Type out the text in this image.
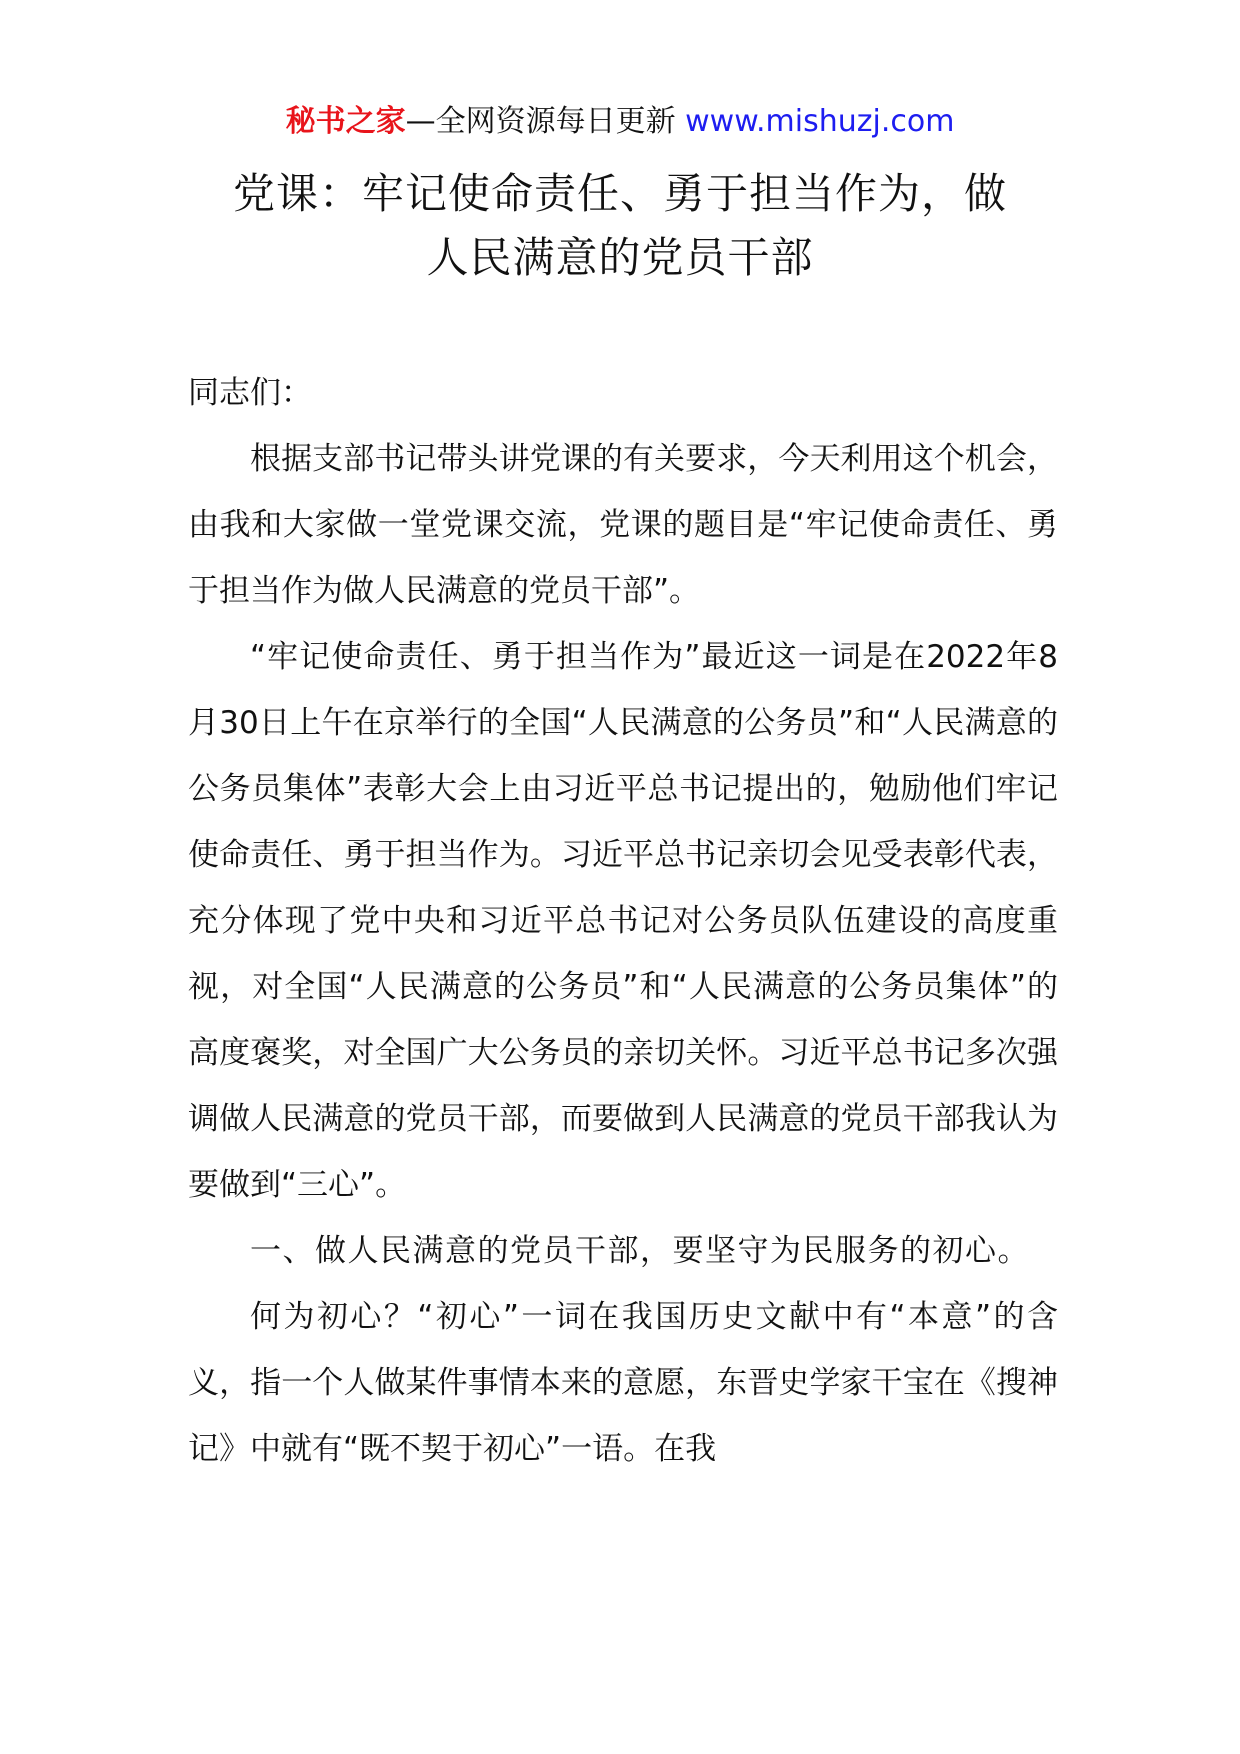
秘书之家—全网资源每日更新 www.mishuzj.com
党课：牢记使命责任、勇于担当作为，做
人民满意的党员干部

同志们：

根据支部书记带头讲党课的有关要求，今天利用这个机会，由我和大家做一堂党课交流，党课的题目是“牢记使命责任、勇于担当作为做人民满意的党员干部”。

“牢记使命责任、勇于担当作为”最近这一词是在2022年8月30日上午在京举行的全国“人民满意的公务员”和“人民满意的公务员集体”表彰大会上由习近平总书记提出的，勉励他们牢记使命责任、勇于担当作为。习近平总书记亲切会见受表彰代表，充分体现了党中央和习近平总书记对公务员队伍建设的高度重视，对全国“人民满意的公务员”和“人民满意的公务员集体”的高度褒奖，对全国广大公务员的亲切关怀。习近平总书记多次强调做人民满意的党员干部，而要做到人民满意的党员干部我认为要做到“三心”。

一、做人民满意的党员干部，要坚守为民服务的初心。

何为初心？“初心”一词在我国历史文献中有“本意”的含义，指一个人做某件事情本来的意愿，东晋史学家干宝在《搜神记》中就有“既不契于初心”一语。在我
